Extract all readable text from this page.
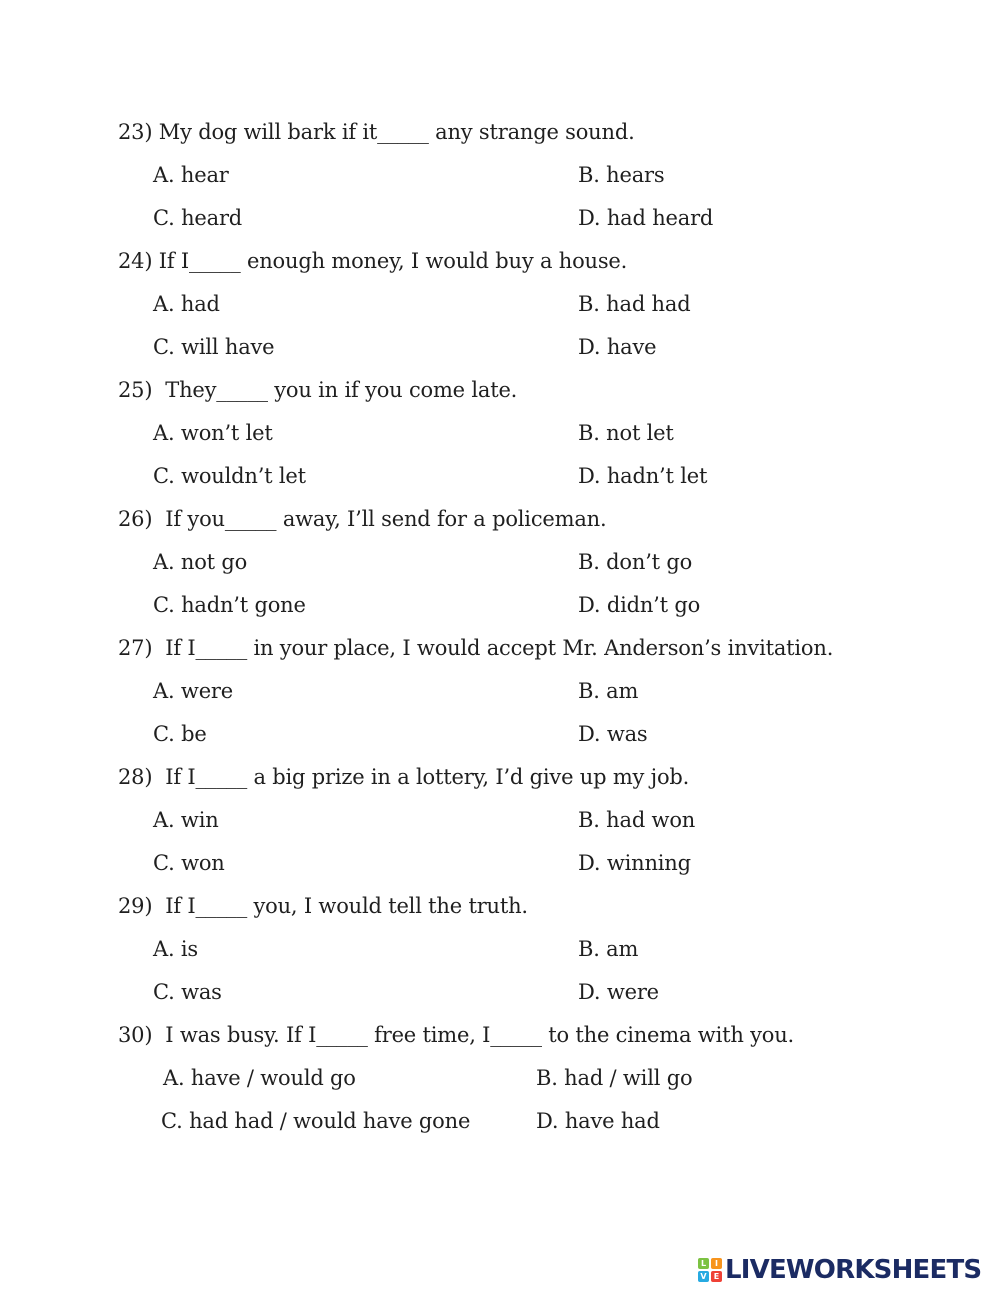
23) My dog will bark if it_____ any strange sound.
A. hear	B. hears
C. heard	D. had heard
24) If I_____ enough money, I would buy a house.
A. had	B. had had
C. will have	D. have
25)  They_____ you in if you come late.
A. won’t let	B. not let
C. wouldn’t let	D. hadn’t let
26)  If you_____ away, I’ll send for a policeman.
A. not go	B. don’t go
C. hadn’t gone	D. didn’t go
27)  If I_____ in your place, I would accept Mr. Anderson’s invitation.
A. were	B. am
C. be	D. was
28)  If I_____ a big prize in a lottery, I’d give up my job.
A. win	B. had won
C. won	D. winning
29)  If I_____ you, I would tell the truth.
A. is	B. am
C. was	D. were
30)  I was busy. If I_____ free time, I_____ to the cinema with you.
A. have / would go	B. had / will go
C. had had / would have gone	D. have had
L	I
V E LIVEWORKSHEETS
